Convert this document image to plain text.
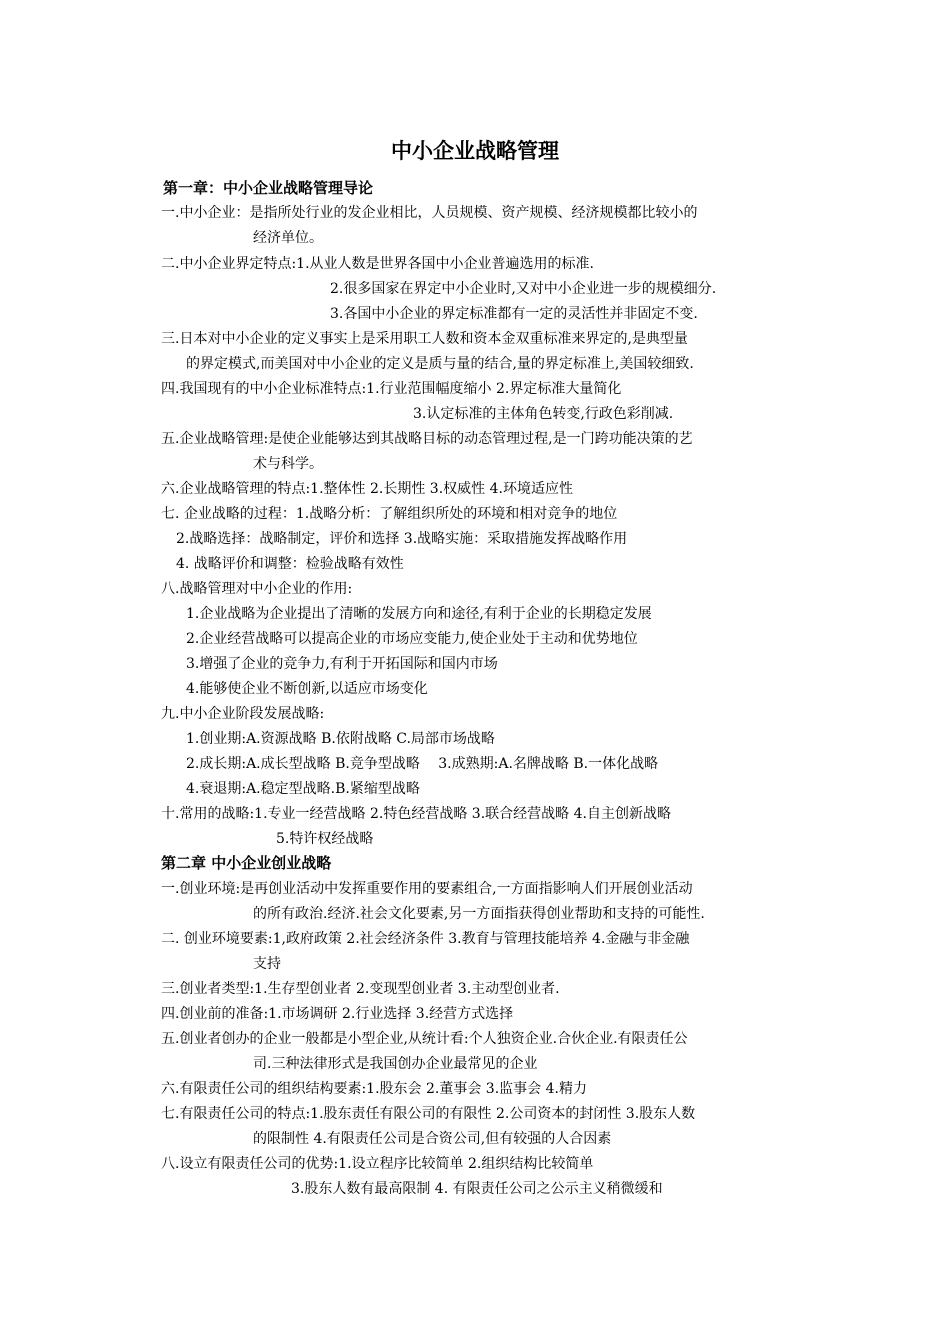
中小企业战略管理
第一章：中小企业战略管理导论
一.中小企业：是指所处行业的发企业相比，人员规模、资产规模、经济规模都比较小的
经济单位。
二.中小企业界定特点:1.从业人数是世界各国中小企业普遍选用的标准.
2.很多国家在界定中小企业时,又对中小企业进一步的规模细分.
3.各国中小企业的界定标准都有一定的灵活性并非固定不变.
三.日本对中小企业的定义事实上是采用职工人数和资本金双重标准来界定的,是典型量
的界定模式,而美国对中小企业的定义是质与量的结合,量的界定标准上,美国较细致.
四.我国现有的中小企业标准特点:1.行业范围幅度缩小 2.界定标准大量简化
3.认定标准的主体角色转变,行政色彩削减.
五.企业战略管理:是使企业能够达到其战略目标的动态管理过程,是一门跨功能决策的艺
术与科学。
六.企业战略管理的特点:1.整体性 2.长期性 3.权威性 4.环境适应性
七. 企业战略的过程：1.战略分析：了解组织所处的环境和相对竞争的地位
2.战略选择：战略制定，评价和选择 3.战略实施：采取措施发挥战略作用
4. 战略评价和调整：检验战略有效性
八.战略管理对中小企业的作用:
1.企业战略为企业提出了清晰的发展方向和途径,有利于企业的长期稳定发展
2.企业经营战略可以提高企业的市场应变能力,使企业处于主动和优势地位
3.增强了企业的竞争力,有利于开拓国际和国内市场
4.能够使企业不断创新,以适应市场变化
九.中小企业阶段发展战略:
1.创业期:A.资源战略 B.依附战略 C.局部市场战略
2.成长期:A.成长型战略 B.竞争型战略　 3.成熟期:A.名牌战略 B.一体化战略
4.衰退期:A.稳定型战略.B.紧缩型战略
十.常用的战略:1.专业一经营战略 2.特色经营战略 3.联合经营战略 4.自主创新战略
5.特许权经战略
第二章 中小企业创业战略
一.创业环境:是再创业活动中发挥重要作用的要素组合,一方面指影响人们开展创业活动
的所有政治.经济.社会文化要素,另一方面指获得创业帮助和支持的可能性.
二. 创业环境要素:1,政府政策 2.社会经济条件 3.教育与管理技能培养 4.金融与非金融
支持
三.创业者类型:1.生存型创业者 2.变现型创业者 3.主动型创业者.
四.创业前的准备:1.市场调研 2.行业选择 3.经营方式选择
五.创业者创办的企业一般都是小型企业,从统计看:个人独资企业.合伙企业.有限责任公
司.三种法律形式是我国创办企业最常见的企业
六.有限责任公司的组织结构要素:1.股东会 2.董事会 3.监事会 4.精力
七.有限责任公司的特点:1.股东责任有限公司的有限性 2.公司资本的封闭性 3.股东人数
的限制性 4.有限责任公司是合资公司,但有较强的人合因素
八.设立有限责任公司的优势:1.设立程序比较简单 2.组织结构比较简单
3.股东人数有最高限制 4. 有限责任公司之公示主义稍微缓和
